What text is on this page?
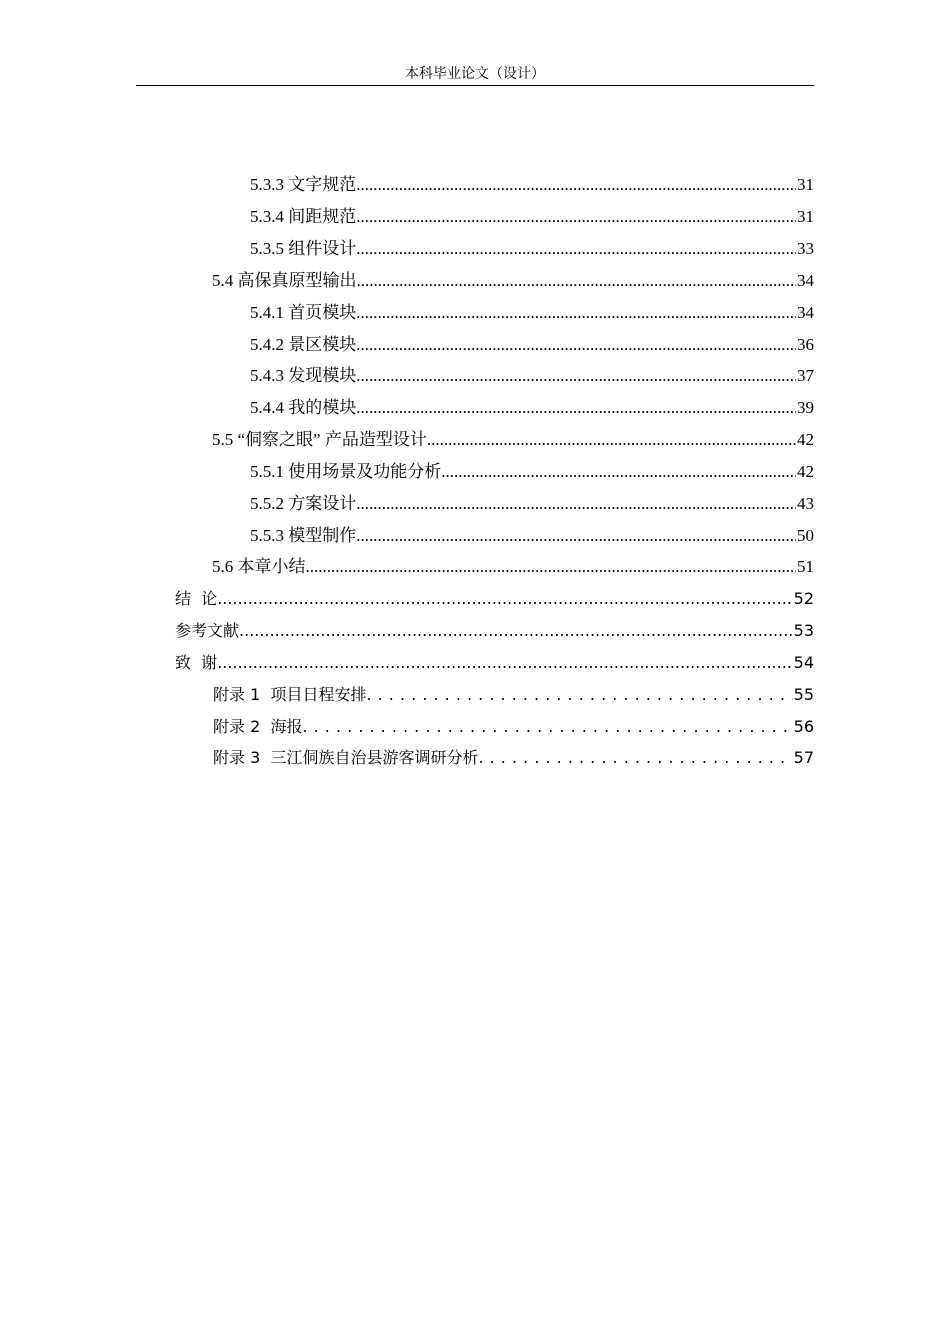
本科毕业论文（设计）
5.3.3 文字规范 .....	31
5.3.4 间距规范 .....	31
5.3.5 组件设计 .....	33
5.4 高保真原型输出 .....	34
5.4.1 首页模块 .....	34
5.4.2 景区模块 .....	36
5.4.3 发现模块 .....	37
5.4.4 我的模块 .....	39
5.5 “侗察之眼” 产品造型设计 .....	42
5.5.1 使用场景及功能分析 .....	42
5.5.2 方案设计 .....	43
5.5.3 模型制作 .....	50
5.6 本章小结 .....	51
结  论 .....	52
参考文献 .....	53
致  谢 .....	54
附录 1  项目日程安排 . . .	55
附录 2  海报 . . .	56
附录 3  三江侗族自治县游客调研分析 . . .	57
